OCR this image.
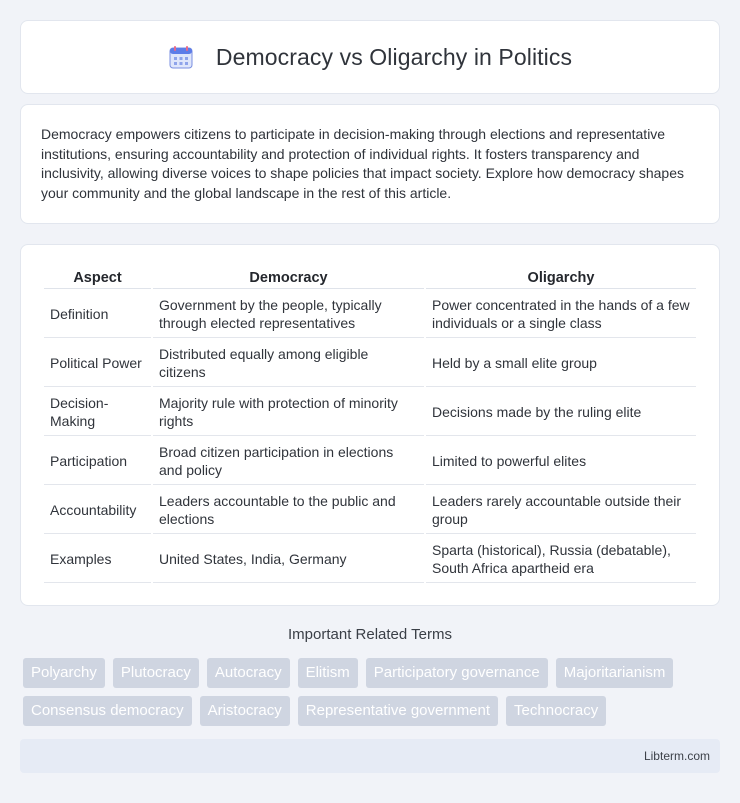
Democracy vs Oligarchy in Politics

Democracy empowers citizens to participate in decision-making through elections and representative institutions, ensuring accountability and protection of individual rights. It fosters transparency and inclusivity, allowing diverse voices to shape policies that impact society. Explore how democracy shapes your community and the global landscape in the rest of this article.

Aspect	Democracy	Oligarchy
Definition	Government by the people, typically through elected representatives	Power concentrated in the hands of a few individuals or a single class
Political Power	Distributed equally among eligible citizens	Held by a small elite group
Decision-Making	Majority rule with protection of minority rights	Decisions made by the ruling elite
Participation	Broad citizen participation in elections and policy	Limited to powerful elites
Accountability	Leaders accountable to the public and elections	Leaders rarely accountable outside their group
Examples	United States, India, Germany	Sparta (historical), Russia (debatable), South Africa apartheid era
Important Related Terms
Polyarchy	Plutocracy	Autocracy	Elitism	Participatory governance	Majoritarianism
Consensus democracy	Aristocracy	Representative government	Technocracy
Libterm.com
